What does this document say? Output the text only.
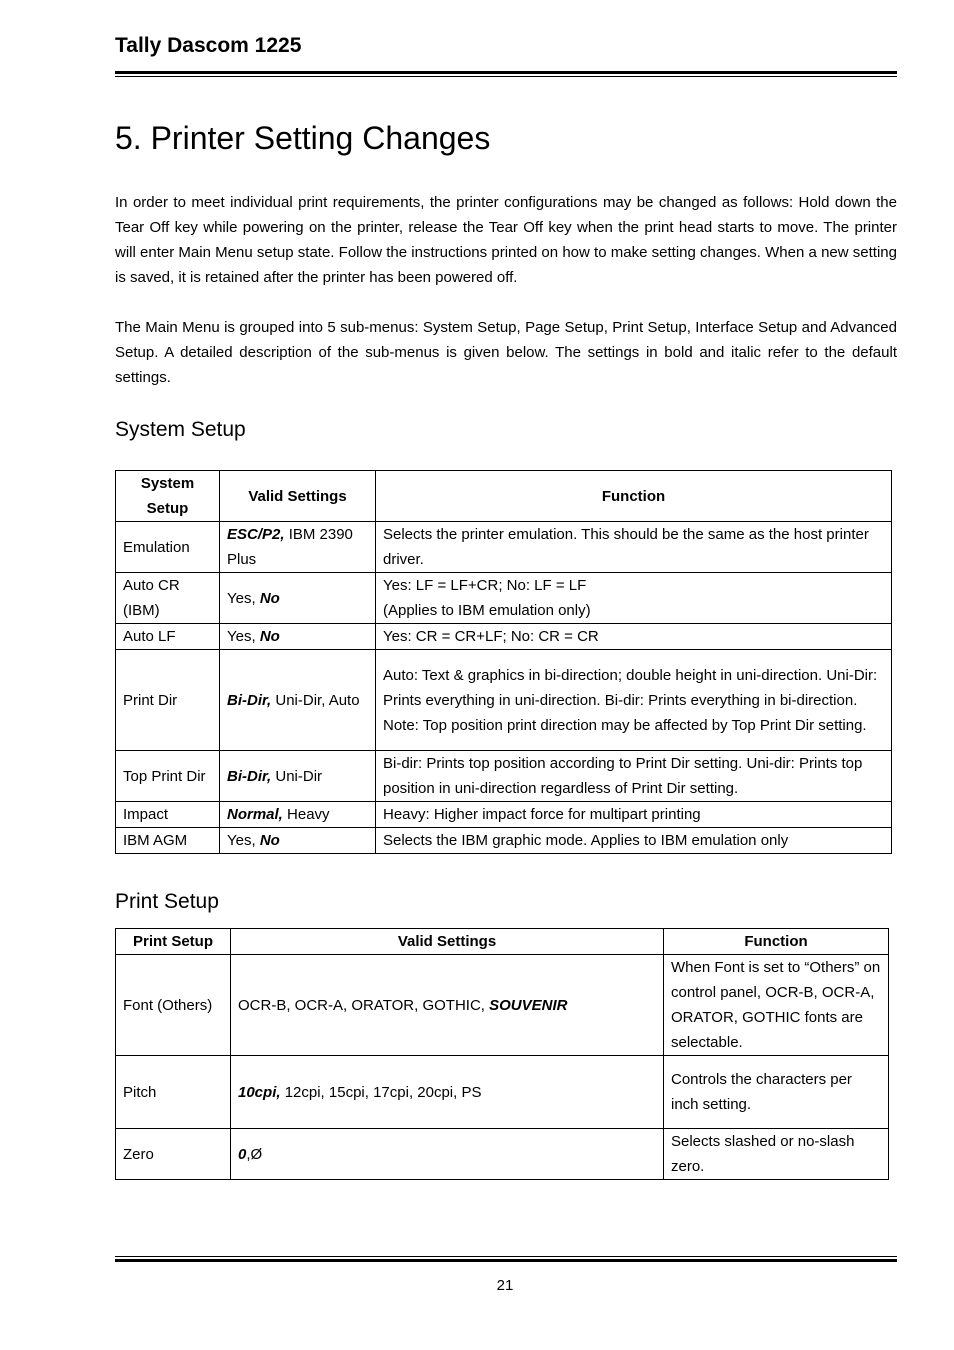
Tally Dascom 1225
5. Printer Setting Changes

In order to meet individual print requirements, the printer configurations may be changed as follows: Hold down the Tear Off key while powering on the printer, release the Tear Off key when the print head starts to move. The printer will enter Main Menu setup state. Follow the instructions printed on how to make setting changes. When a new setting is saved, it is retained after the printer has been powered off.

The Main Menu is grouped into 5 sub-menus: System Setup, Page Setup, Print Setup, Interface Setup and Advanced Setup. A detailed description of the sub-menus is given below. The settings in bold and italic refer to the default settings.

System Setup
System Setup	Valid Settings	Function
Emulation	ESC/P2, IBM 2390 Plus	Selects the printer emulation. This should be the same as the host printer driver.
Auto CR (IBM)	Yes, No	Yes: LF = LF+CR; No: LF = LF
(Applies to IBM emulation only)

Auto LF	Yes, No	Yes: CR = CR+LF; No: CR = CR
Print Dir	Bi-Dir, Uni-Dir, Auto	Auto: Text & graphics in bi-direction; double height in uni-direction. Uni-Dir: Prints everything in uni-direction. Bi-dir: Prints everything in bi-direction. Note: Top position print direction may be affected by Top Print Dir setting.
Top Print Dir	Bi-Dir, Uni-Dir	Bi-dir: Prints top position according to Print Dir setting. Uni-dir: Prints top position in uni-direction regardless of Print Dir setting.
Impact	Normal, Heavy	Heavy: Higher impact force for multipart printing
IBM AGM	Yes, No	Selects the IBM graphic mode. Applies to IBM emulation only
Print Setup
Print Setup	Valid Settings	Function
Font (Others)	OCR-B, OCR-A, ORATOR, GOTHIC, SOUVENIR	When Font is set to “Others” on control panel, OCR-B, OCR-A, ORATOR, GOTHIC fonts are selectable.
Pitch	10cpi, 12cpi, 15cpi, 17cpi, 20cpi, PS	Controls the characters per inch setting.
Zero	0,Ø	Selects slashed or no-slash zero.
21
